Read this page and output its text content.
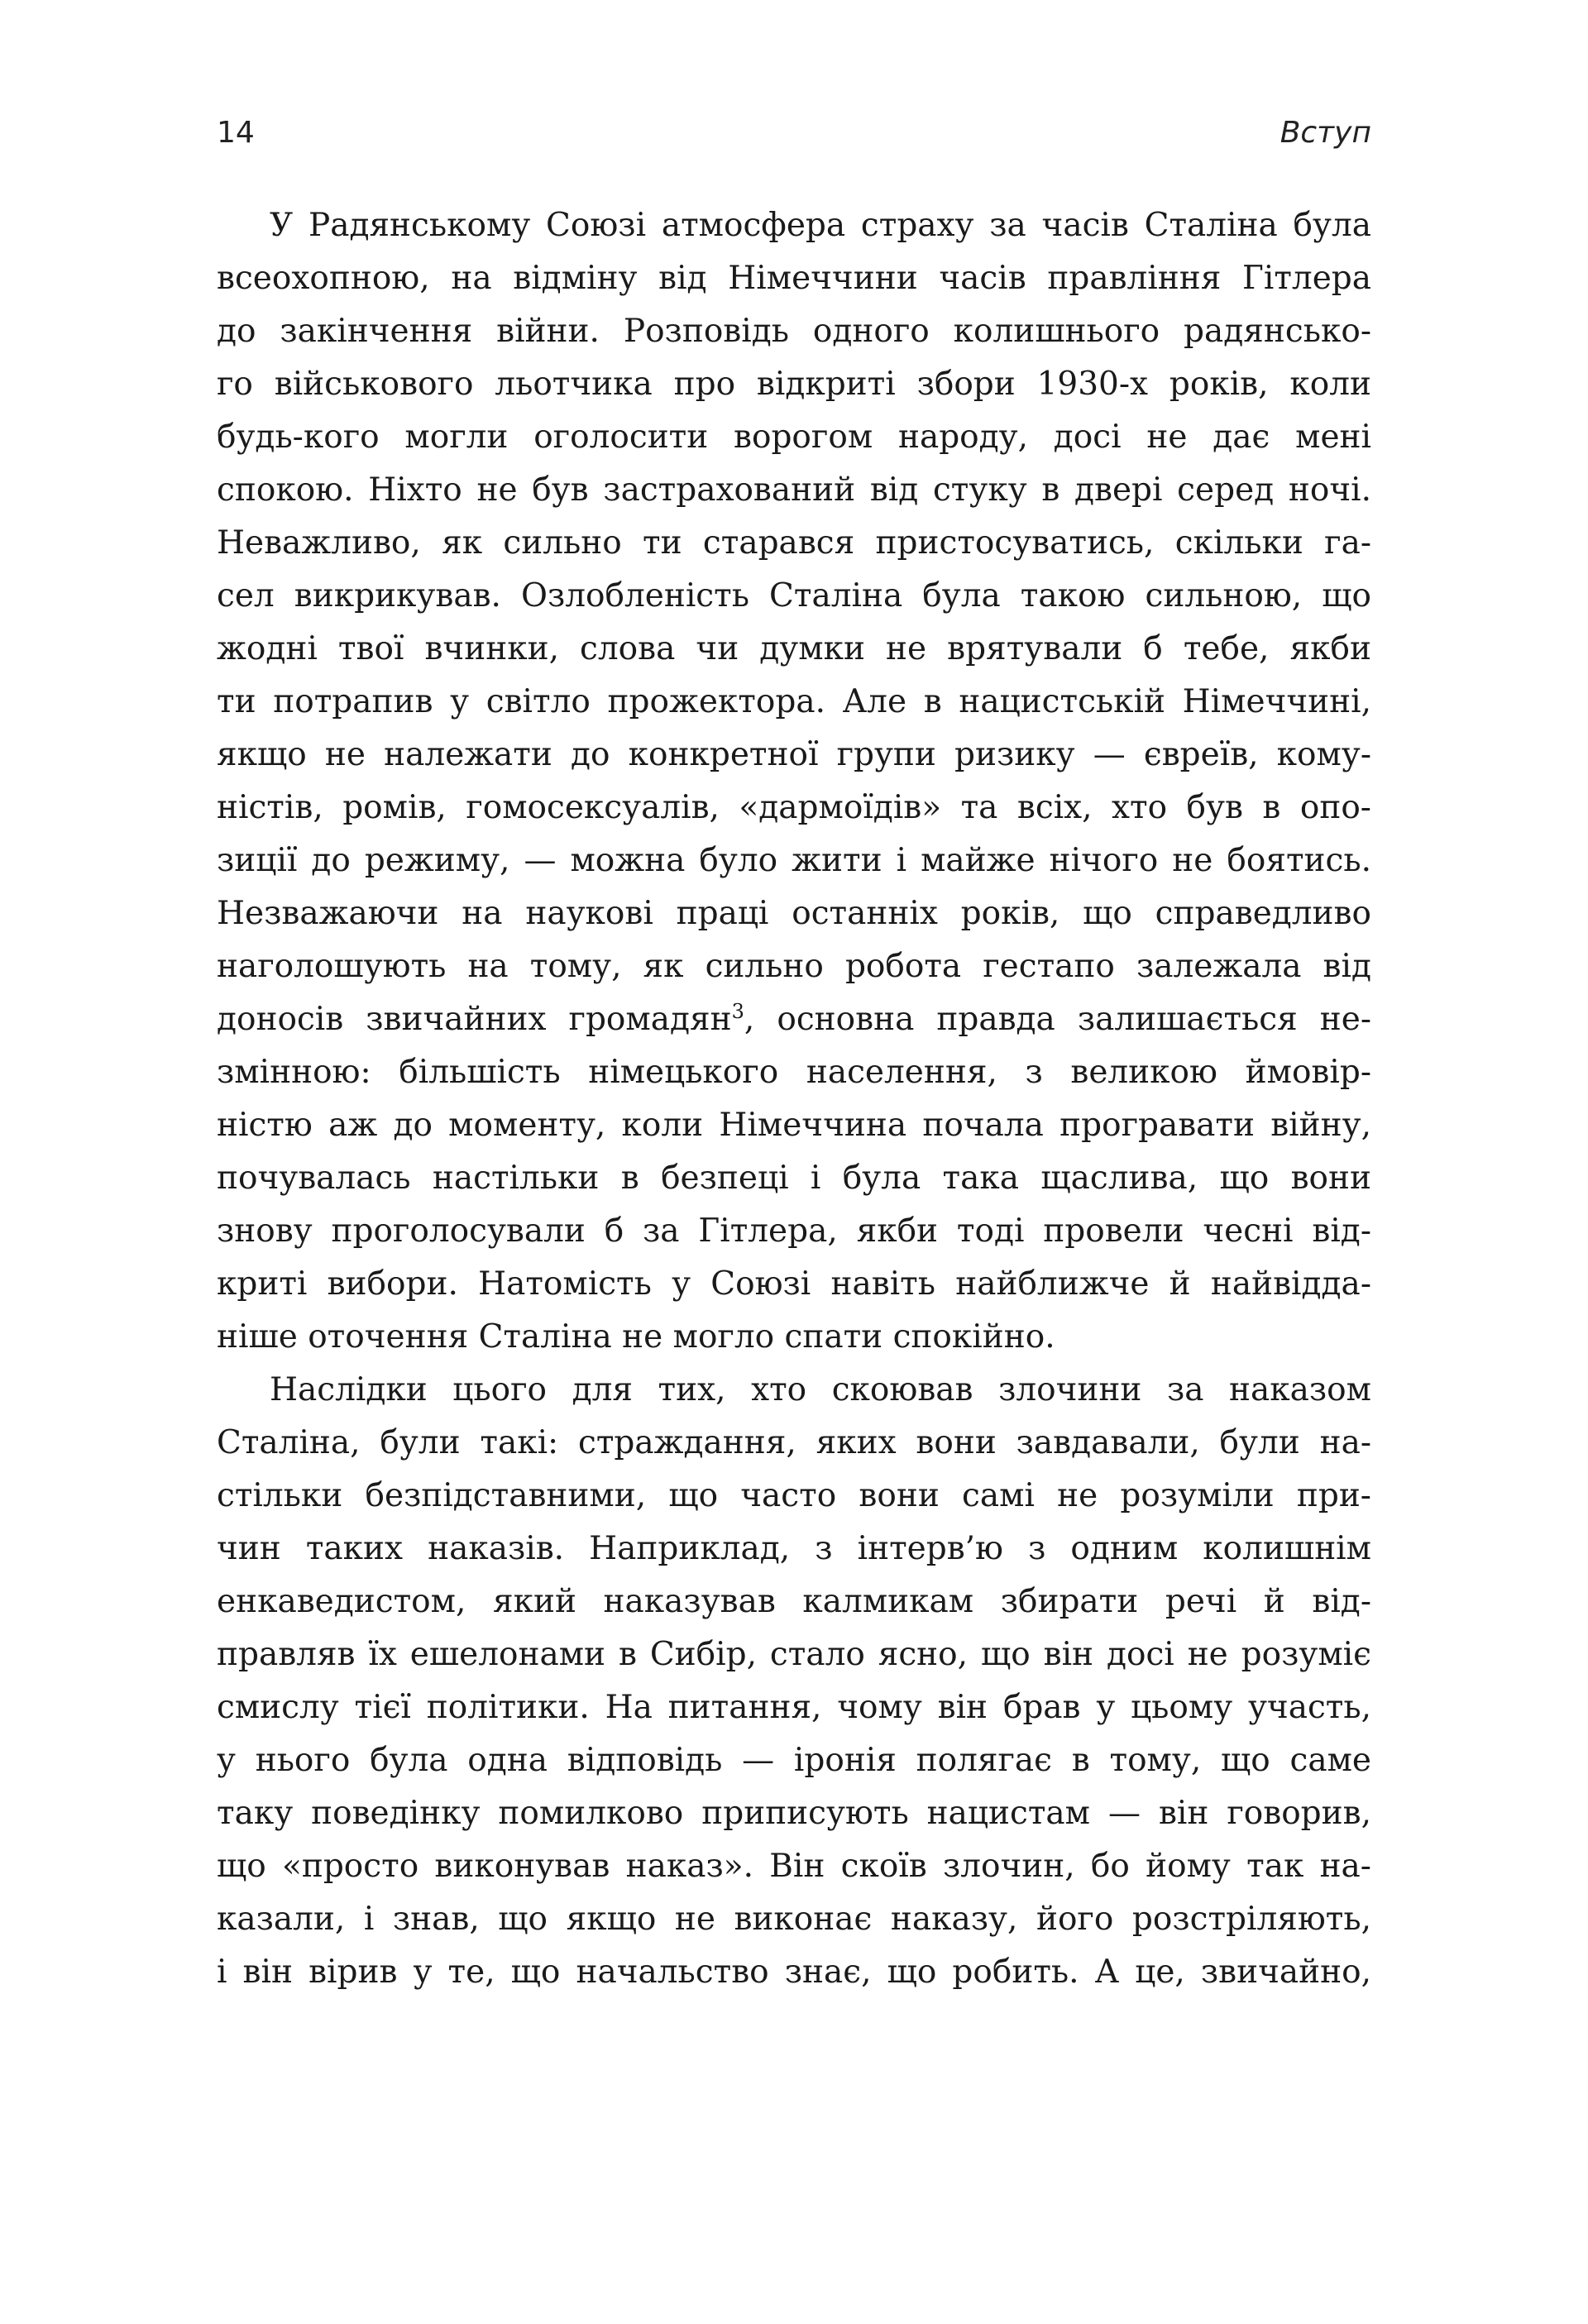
14	Вступ
У Радянському Союзі атмосфера страху за часів Сталіна була
всеохопною, на відміну від Німеччини часів правління Гітлера
до закінчення війни. Розповідь одного колишнього радянсько-
го військового льотчика про відкриті збори 1930-х років, коли
будь-кого могли оголосити ворогом народу, досі не дає мені
спокою. Ніхто не був застрахований від стуку в двері серед ночі.
Неважливо, як сильно ти старався пристосуватись, скільки га-
сел викрикував. Озлобленість Сталіна була такою сильною, що
жодні твої вчинки, слова чи думки не врятували б тебе, якби
ти потрапив у світло прожектора. Але в нацистській Німеччині,
якщо не належати до конкретної групи ризику — євреїв, кому-
ністів, ромів, гомосексуалів, «дармоїдів» та всіх, хто був в опо-
зиції до режиму, — можна було жити і майже нічого не боятись.
Незважаючи на наукові праці останніх років, що справедливо
наголошують на тому, як сильно робота гестапо залежала від
доносів звичайних громадян$^3$, основна правда залишається не-
змінною: більшість німецького населення, з великою ймовір-
ністю аж до моменту, коли Німеччина почала програвати війну,
почувалась настільки в безпеці і була така щаслива, що вони
знову проголосували б за Гітлера, якби тоді провели чесні від-
криті вибори. Натомість у Союзі навіть найближче й найвідда-
ніше оточення Сталіна не могло спати спокійно.
Наслідки цього для тих, хто скоював злочини за наказом
Сталіна, були такі: страждання, яких вони завдавали, були на-
стільки безпідставними, що часто вони самі не розуміли при-
чин таких наказів. Наприклад, з інтерв’ю з одним колишнім
енкаведистом, який наказував калмикам збирати речі й від-
правляв їх ешелонами в Сибір, стало ясно, що він досі не розуміє
смислу тієї політики. На питання, чому він брав у цьому участь,
у нього була одна відповідь — іронія полягає в тому, що саме
таку поведінку помилково приписують нацистам — він говорив,
що «просто виконував наказ». Він скоїв злочин, бо йому так на-
казали, і знав, що якщо не виконає наказу, його розстріляють,
і він вірив у те, що начальство знає, що робить. А це, звичайно,
